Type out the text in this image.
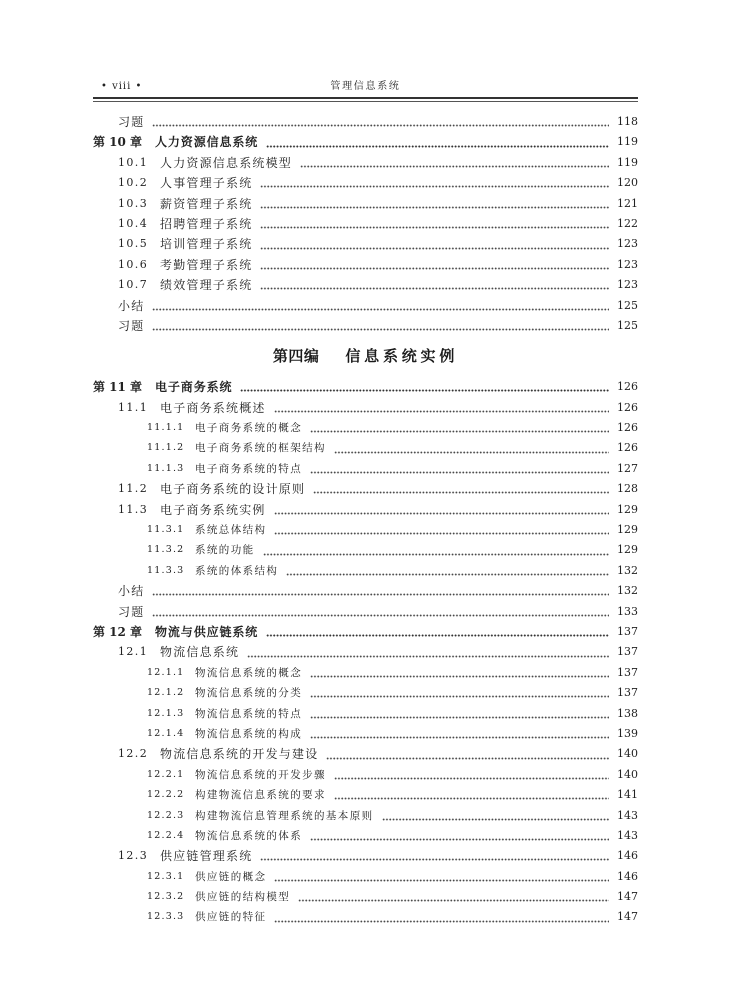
• viii •	管理信息系统
习题	118
第 10 章	人力资源信息系统	119
10.1 人力资源信息系统模型	119
10.2 人事管理子系统	120
10.3 薪资管理子系统	121
10.4 招聘管理子系统	122
10.5 培训管理子系统	123
10.6 考勤管理子系统	123
10.7 绩效管理子系统	123
小结	125
习题	125
第四编 信息系统实例
第 11 章	电子商务系统	126
11.1 电子商务系统概述	126
11.1.1	电子商务系统的概念	126
11.1.2	电子商务系统的框架结构	126
11.1.3	电子商务系统的特点	127
11.2 电子商务系统的设计原则	128
11.3 电子商务系统实例	129
11.3.1	系统总体结构	129
11.3.2	系统的功能	129
11.3.3	系统的体系结构	132
小结	132
习题	133
第 12 章	物流与供应链系统	137
12.1 物流信息系统	137
12.1.1	物流信息系统的概念	137
12.1.2	物流信息系统的分类	137
12.1.3	物流信息系统的特点	138
12.1.4	物流信息系统的构成	139
12.2 物流信息系统的开发与建设	140
12.2.1	物流信息系统的开发步骤	140
12.2.2	构建物流信息系统的要求	141
12.2.3	构建物流信息管理系统的基本原则	143
12.2.4	物流信息系统的体系	143
12.3 供应链管理系统	146
12.3.1	供应链的概念	146
12.3.2	供应链的结构模型	147
12.3.3	供应链的特征	147
